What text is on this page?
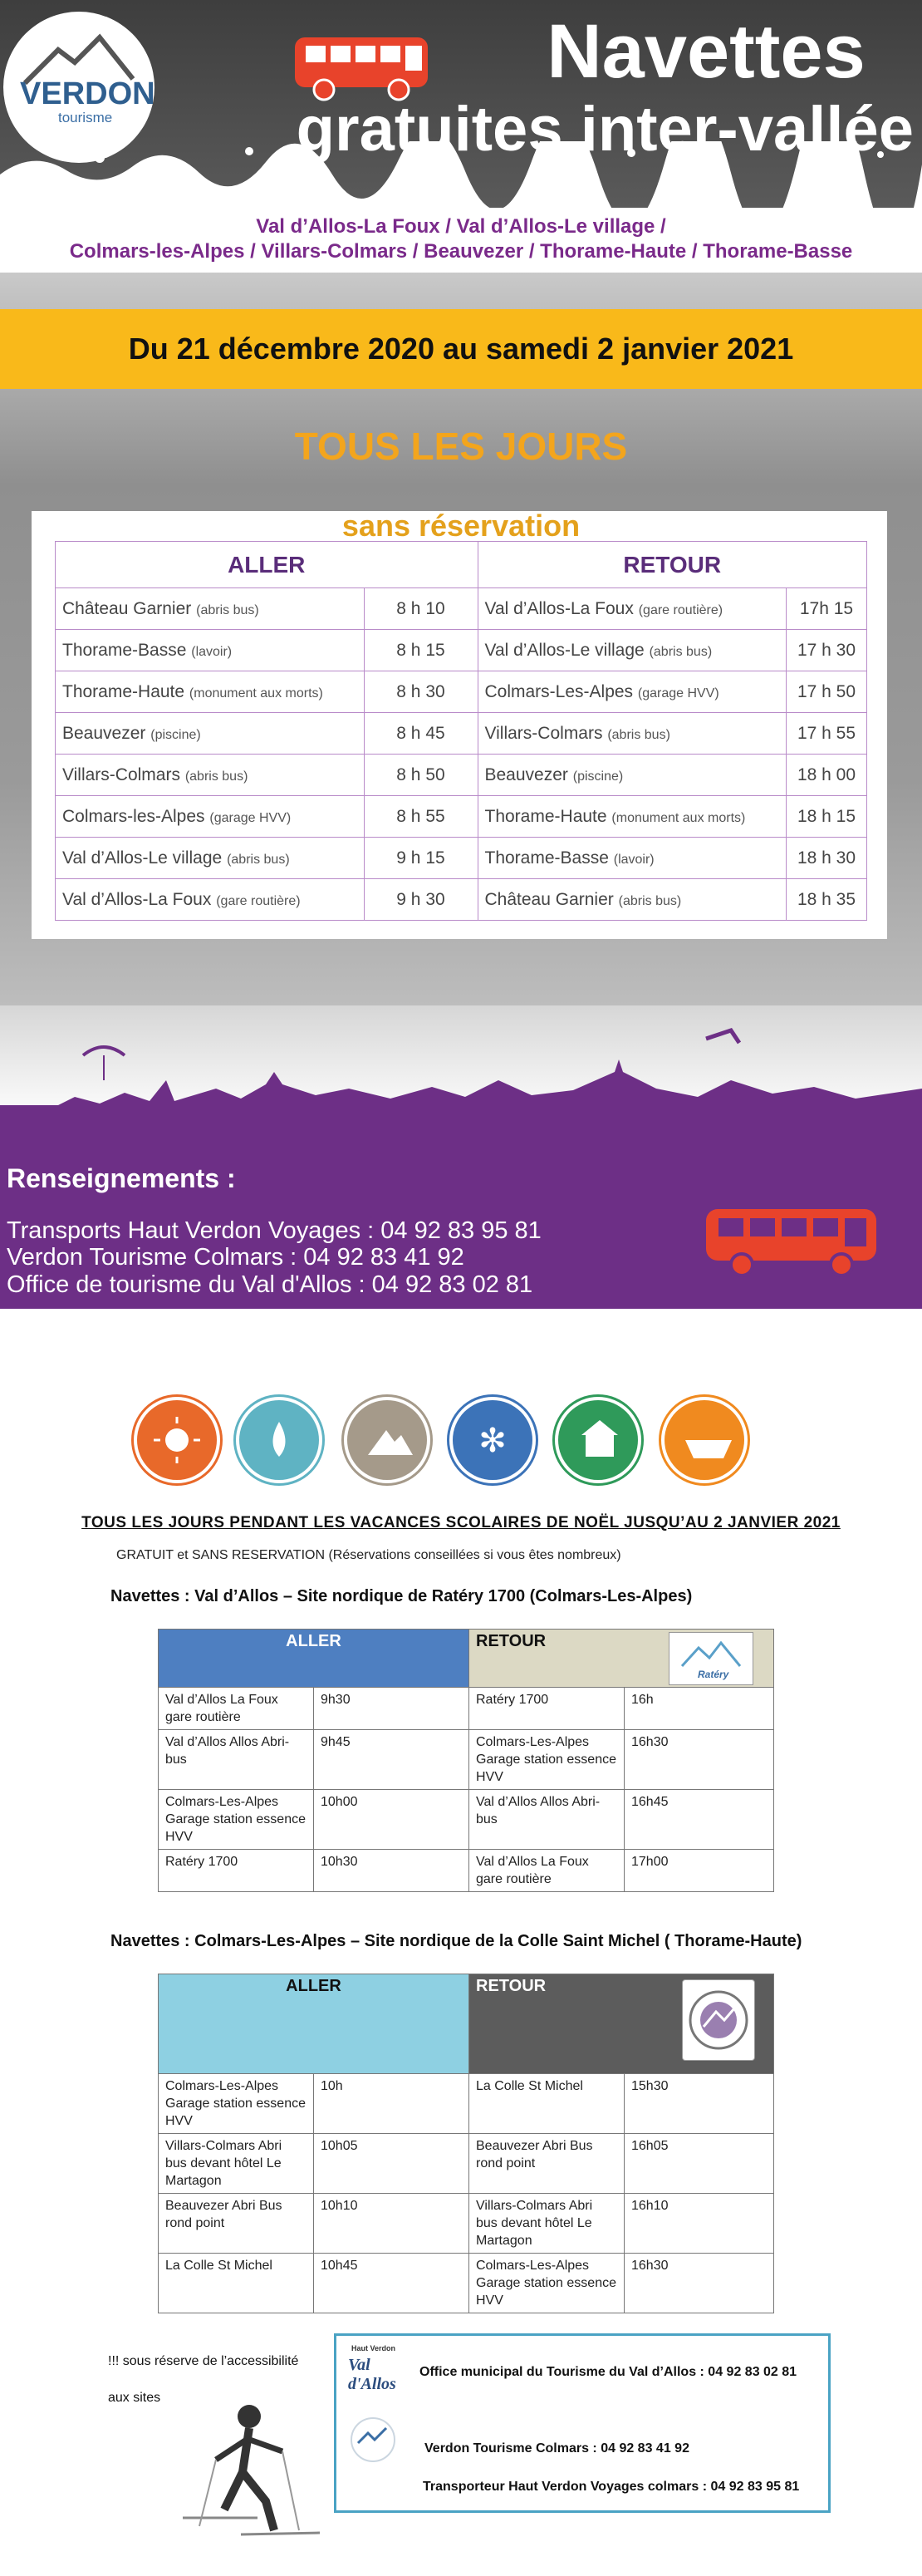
VERDON
tourisme
Navettes
gratuites inter-vallée
Val d’Allos-La Foux / Val d’Allos-Le village /
Colmars-les-Alpes / Villars-Colmars / Beauvezer / Thorame-Haute / Thorame-Basse
Du 21 décembre 2020 au samedi 2 janvier 2021
TOUS LES JOURS
sans réservation
ALLER		RETOUR	
Château Garnier (abris bus)	8 h 10	Val d’Allos-La Foux (gare routière)	17h 15
Thorame-Basse (lavoir)	8 h 15	Val d’Allos-Le village (abris bus)	17 h 30
Thorame-Haute (monument aux morts)	8 h 30	Colmars-Les-Alpes (garage HVV)	17 h 50
Beauvezer (piscine)	8 h 45	Villars-Colmars (abris bus)	17 h 55
Villars-Colmars (abris bus)	8 h 50	Beauvezer (piscine)	18 h 00
Colmars-les-Alpes (garage HVV)	8 h 55	Thorame-Haute (monument aux morts)	18 h 15
Val d’Allos-Le village (abris bus)	9 h 15	Thorame-Basse (lavoir)	18 h 30
Val d’Allos-La Foux (gare routière)	9 h 30	Château Garnier (abris bus)	18 h 35
Renseignements :
Transports Haut Verdon Voyages : 04 92 83 95 81
Verdon Tourisme Colmars : 04 92 83 41 92
Office de tourisme du Val d'Allos : 04 92 83 02 81
✻
TOUS LES JOURS PENDANT LES VACANCES SCOLAIRES DE NOËL JUSQU’AU 2 JANVIER 2021
GRATUIT et SANS RESERVATION (Réservations conseillées si vous êtes nombreux)
Navettes : Val d’Allos – Site nordique de Ratéry 1700 (Colmars-Les-Alpes)
ALLER		RETOUR
Ratéry	

Val d’Allos La Foux gare routière	9h30	Ratéry 1700	16h
Val d’Allos Allos Abri- bus	9h45	Colmars-Les-Alpes Garage station essence HVV	16h30
Colmars-Les-Alpes Garage station essence HVV	10h00	Val d’Allos Allos Abri- bus	16h45
Ratéry 1700	10h30	Val d’Allos La Foux gare routière	17h00
Navettes : Colmars-Les-Alpes – Site nordique de la Colle Saint Michel ( Thorame-Haute)
ALLER		RETOUR	

Colmars-Les-Alpes Garage station essence HVV	10h	La Colle St Michel	15h30
Villars-Colmars Abri bus devant hôtel Le Martagon	10h05	Beauvezer Abri Bus rond point	16h05
Beauvezer Abri Bus rond point	10h10	Villars-Colmars Abri bus devant hôtel Le Martagon	16h10
La Colle St Michel	10h45	Colmars-Les-Alpes Garage station essence HVV	16h30
!!! sous réserve de l’accessibilité
aux sites
Haut Verdon
Val d'Allos
Office municipal du Tourisme du Val d’Allos : 04 92 83 02 81
Verdon Tourisme Colmars : 04 92 83 41 92
Transporteur Haut Verdon Voyages colmars : 04 92 83 95 81
